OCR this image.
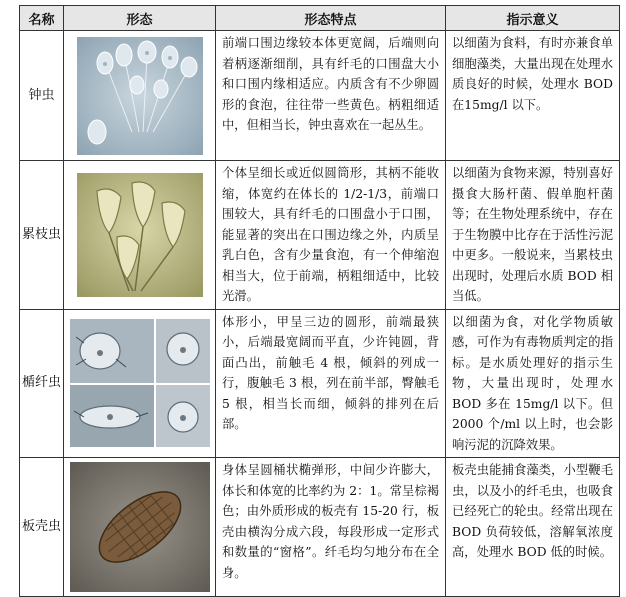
名称	形态	形态特点	指示意义
钟虫		前端口围边缘较本体更宽阔，后端则向着柄逐渐细削，具有纤毛的口围盘大小和口围内缘相适应。内质含有不少卵圆形的食泡，往往带一些黄色。柄粗细适中，但相当长，钟虫喜欢在一起丛生。	以细菌为食料，有时亦兼食单细胞藻类，大量出现在处理水质良好的时候，处理水 BOD 在15mg/l 以下。
累枝虫		个体呈细长或近似圆筒形，其柄不能收缩，体宽约在体长的 1/2-1/3，前端口围较大，具有纤毛的口围盘小于口围，能显著的突出在口围边缘之外，内质呈乳白色，含有少量食泡，有一个伸缩泡相当大，位于前端，柄粗细适中，比较光滑。	以细菌为食物来源，特别喜好摄食大肠杆菌、假单胞杆菌等；在生物处理系统中，存在于生物膜中比存在于活性污泥中更多。一般说来，当累枝虫出现时，处理后水质 BOD 相当低。
楯纤虫		体形小，甲呈三边的圆形，前端最狭小，后端最宽阔而平直，少许钝圆，背面凸出，前触毛 4 根，倾斜的列成一行，腹触毛 3 根，列在前半部，臀触毛 5 根，相当长而细，倾斜的排列在后部。	以细菌为食，对化学物质敏感，可作为有毒物质判定的指标。是水质处理好的指示生物，大量出现时，处理水 BOD 多在 15mg/l 以下。但 2000 个/ml 以上时，也会影响污泥的沉降效果。
板壳虫		身体呈圆桶状椭弹形，中间少许膨大，体长和体宽的比率约为 2：1。常呈棕褐色；由外质形成的板壳有 15-20 行，板壳由横沟分成六段，每段形成一定形式和数量的“窗格”。纤毛均匀地分布在全身。	板壳虫能捕食藻类，小型鞭毛虫，以及小的纤毛虫，也吸食已经死亡的轮虫。经常出现在BOD 负荷较低，溶解氧浓度高，处理水 BOD 低的时候。
